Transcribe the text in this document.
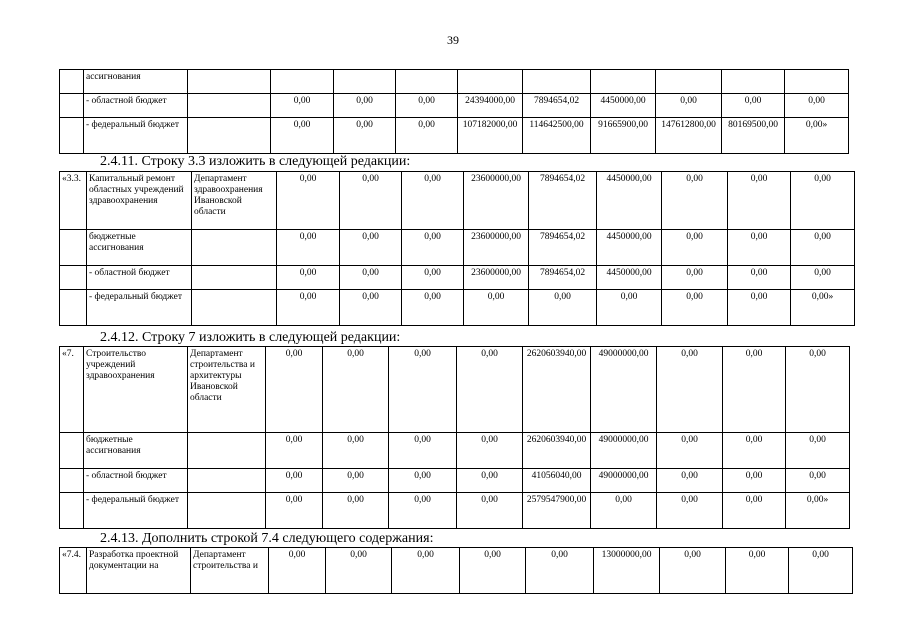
39
	ассигнования										
	- областной бюджет		0,00	0,00	0,00	24394000,00	7894654,02	4450000,00	0,00	0,00	0,00
	- федеральный бюджет		0,00	0,00	0,00	107182000,00	114642500,00	91665900,00	147612800,00	80169500,00	0,00»
2.4.11. Строку 3.3 изложить в следующей редакции:
«3.3.	Капитальный ремонт областных учреждений здравоохранения	Департамент здравоохранения Ивановской области	0,00	0,00	0,00	23600000,00	7894654,02	4450000,00	0,00	0,00	0,00
	бюджетные ассигнования		0,00	0,00	0,00	23600000,00	7894654,02	4450000,00	0,00	0,00	0,00
	- областной бюджет		0,00	0,00	0,00	23600000,00	7894654,02	4450000,00	0,00	0,00	0,00
	- федеральный бюджет		0,00	0,00	0,00	0,00	0,00	0,00	0,00	0,00	0,00»
2.4.12. Строку 7 изложить в следующей редакции:
«7.	Строительство учреждений здравоохранения	Департамент строительства и архитектуры Ивановской области	0,00	0,00	0,00	0,00	2620603940,00	49000000,00	0,00	0,00	0,00
	бюджетные ассигнования		0,00	0,00	0,00	0,00	2620603940,00	49000000,00	0,00	0,00	0,00
	- областной бюджет		0,00	0,00	0,00	0,00	41056040,00	49000000,00	0,00	0,00	0,00
	- федеральный бюджет		0,00	0,00	0,00	0,00	2579547900,00	0,00	0,00	0,00	0,00»
2.4.13. Дополнить строкой 7.4 следующего содержания:
«7.4.	Разработка проектной документации на	Департамент строительства и	0,00	0,00	0,00	0,00	0,00	13000000,00	0,00	0,00	0,00
